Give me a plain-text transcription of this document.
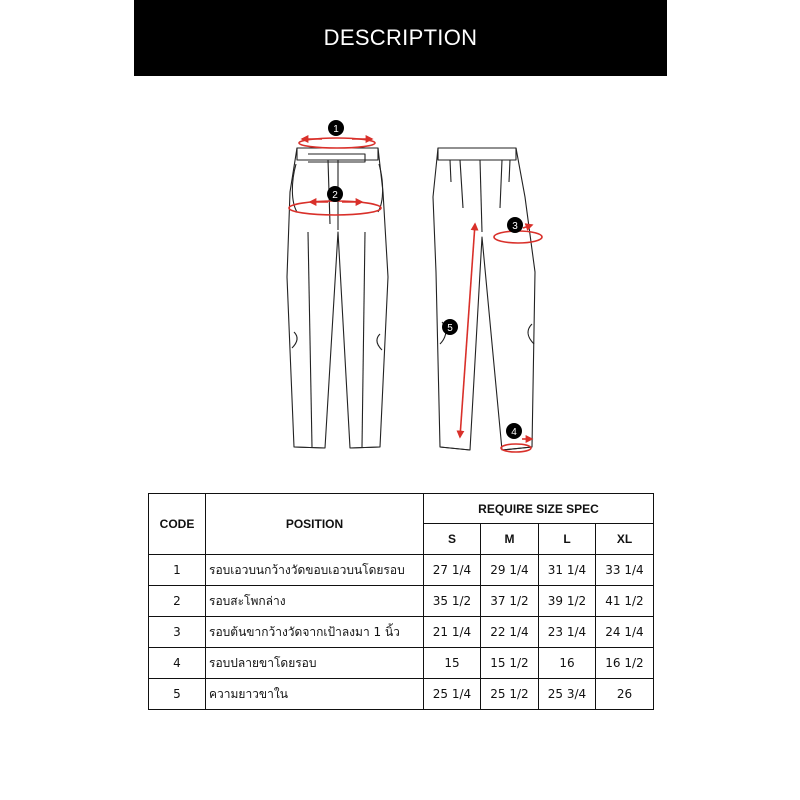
DESCRIPTION
1
2
3
5
4
CODE	POSITION	REQUIRE SIZE SPEC			
		S	M	L	XL
1	รอบเอวบนกว้างวัดขอบเอวบนโดยรอบ	27 1/4	29 1/4	31 1/4	33 1/4
2	รอบสะโพกล่าง	35 1/2	37 1/2	39 1/2	41 1/2
3	รอบต้นขากว้างวัดจากเป้าลงมา 1 นิ้ว	21 1/4	22 1/4	23 1/4	24 1/4
4	รอบปลายขาโดยรอบ	15	15 1/2	16	16 1/2
5	ความยาวขาใน	25 1/4	25 1/2	25 3/4	26
